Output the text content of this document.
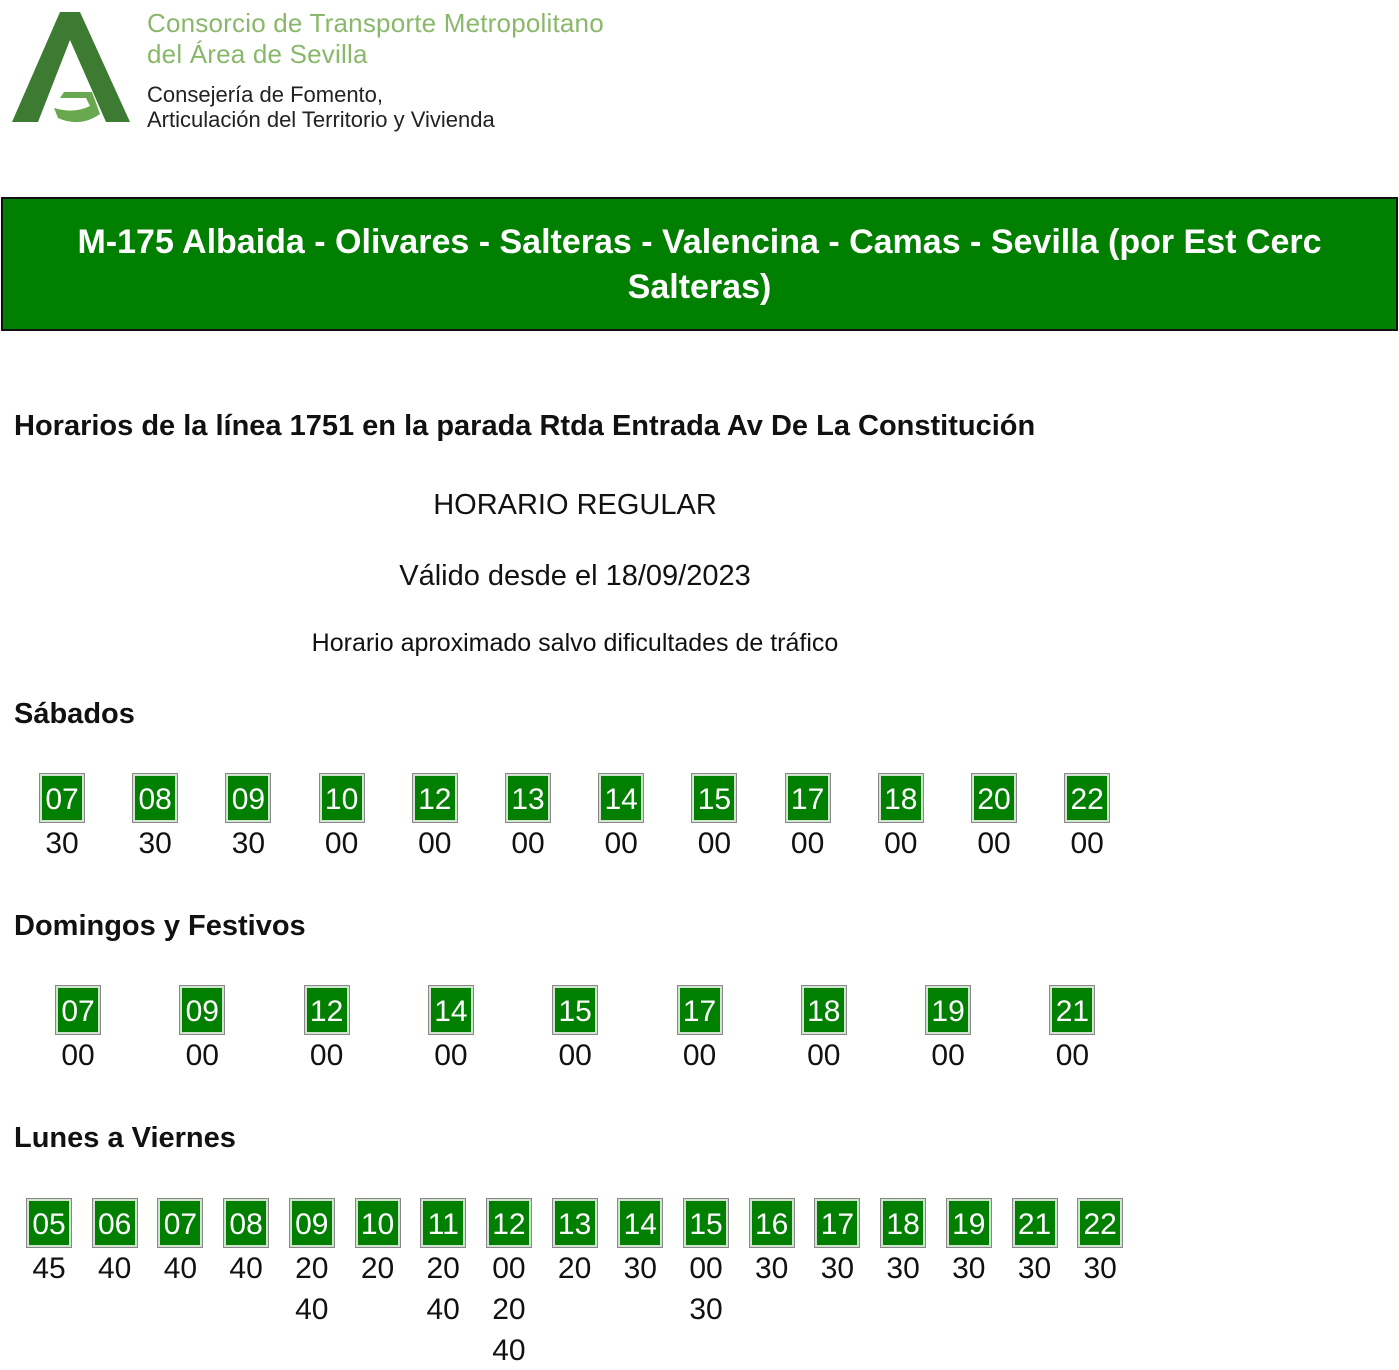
Consorcio de Transporte Metropolitano
del Área de Sevilla
Consejería de Fomento,
Articulación del Territorio y Vivienda

M-175 Albaida - Olivares - Salteras - Valencina - Camas - Sevilla (por Est Cerc
Salteras)

Horarios de la línea 1751 en la parada Rtda Entrada Av De La Constitución
HORARIO REGULAR
Válido desde el 18/09/2023
Horario aproximado salvo dificultades de tráfico
Sábados
Domingos y Festivos
Lunes a Viernes
07
30
08
30
09
30
10
00
12
00
13
00
14
00
15
00
17
00
18
00
20
00
22
00
07
00
09
00
12
00
14
00
15
00
17
00
18
00
19
00
21
00
05
45
06
40
07
40
08
40
09
20
40
10
20
11
20
40
12
00
20
40
13
20
14
30
15
00
30
16
30
17
30
18
30
19
30
21
30
22
30
